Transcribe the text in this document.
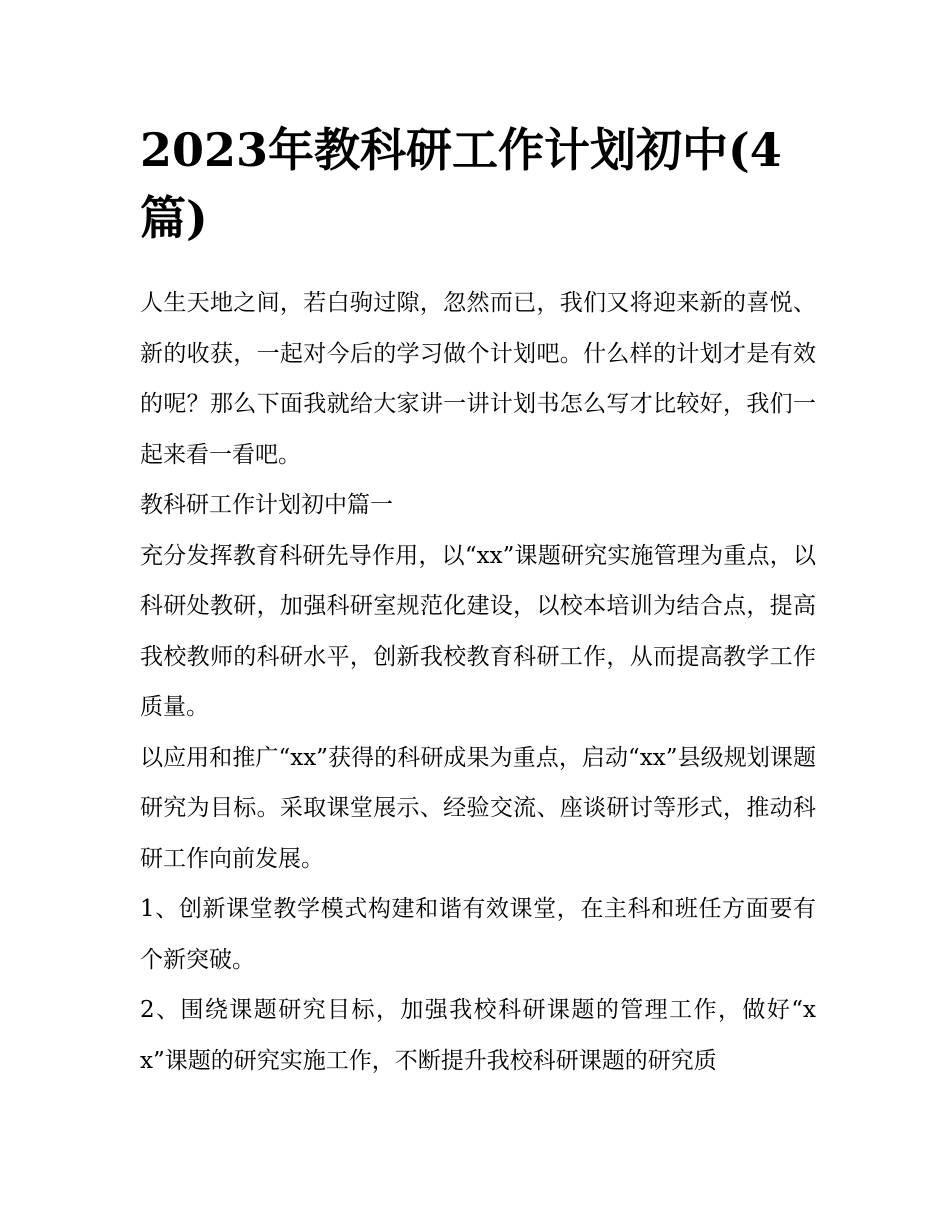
2023年教科研工作计划初中(4篇)

人生天地之间，若白驹过隙，忽然而已，我们又将迎来新的喜悦、新的收获，一起对今后的学习做个计划吧。什么样的计划才是有效的呢？那么下面我就给大家讲一讲计划书怎么写才比较好，我们一起来看一看吧。

教科研工作计划初中篇一

充分发挥教育科研先导作用，以“xx”课题研究实施管理为重点，以科研处教研，加强科研室规范化建设，以校本培训为结合点，提高我校教师的科研水平，创新我校教育科研工作，从而提高教学工作质量。

以应用和推广“xx”获得的科研成果为重点，启动“xx”县级规划课题研究为目标。采取课堂展示、经验交流、座谈研讨等形式，推动科研工作向前发展。

1、创新课堂教学模式构建和谐有效课堂，在主科和班任方面要有个新突破。

2、围绕课题研究目标，加强我校科研课题的管理工作，做好“xx”课题的研究实施工作，不断提升我校科研课题的研究质
